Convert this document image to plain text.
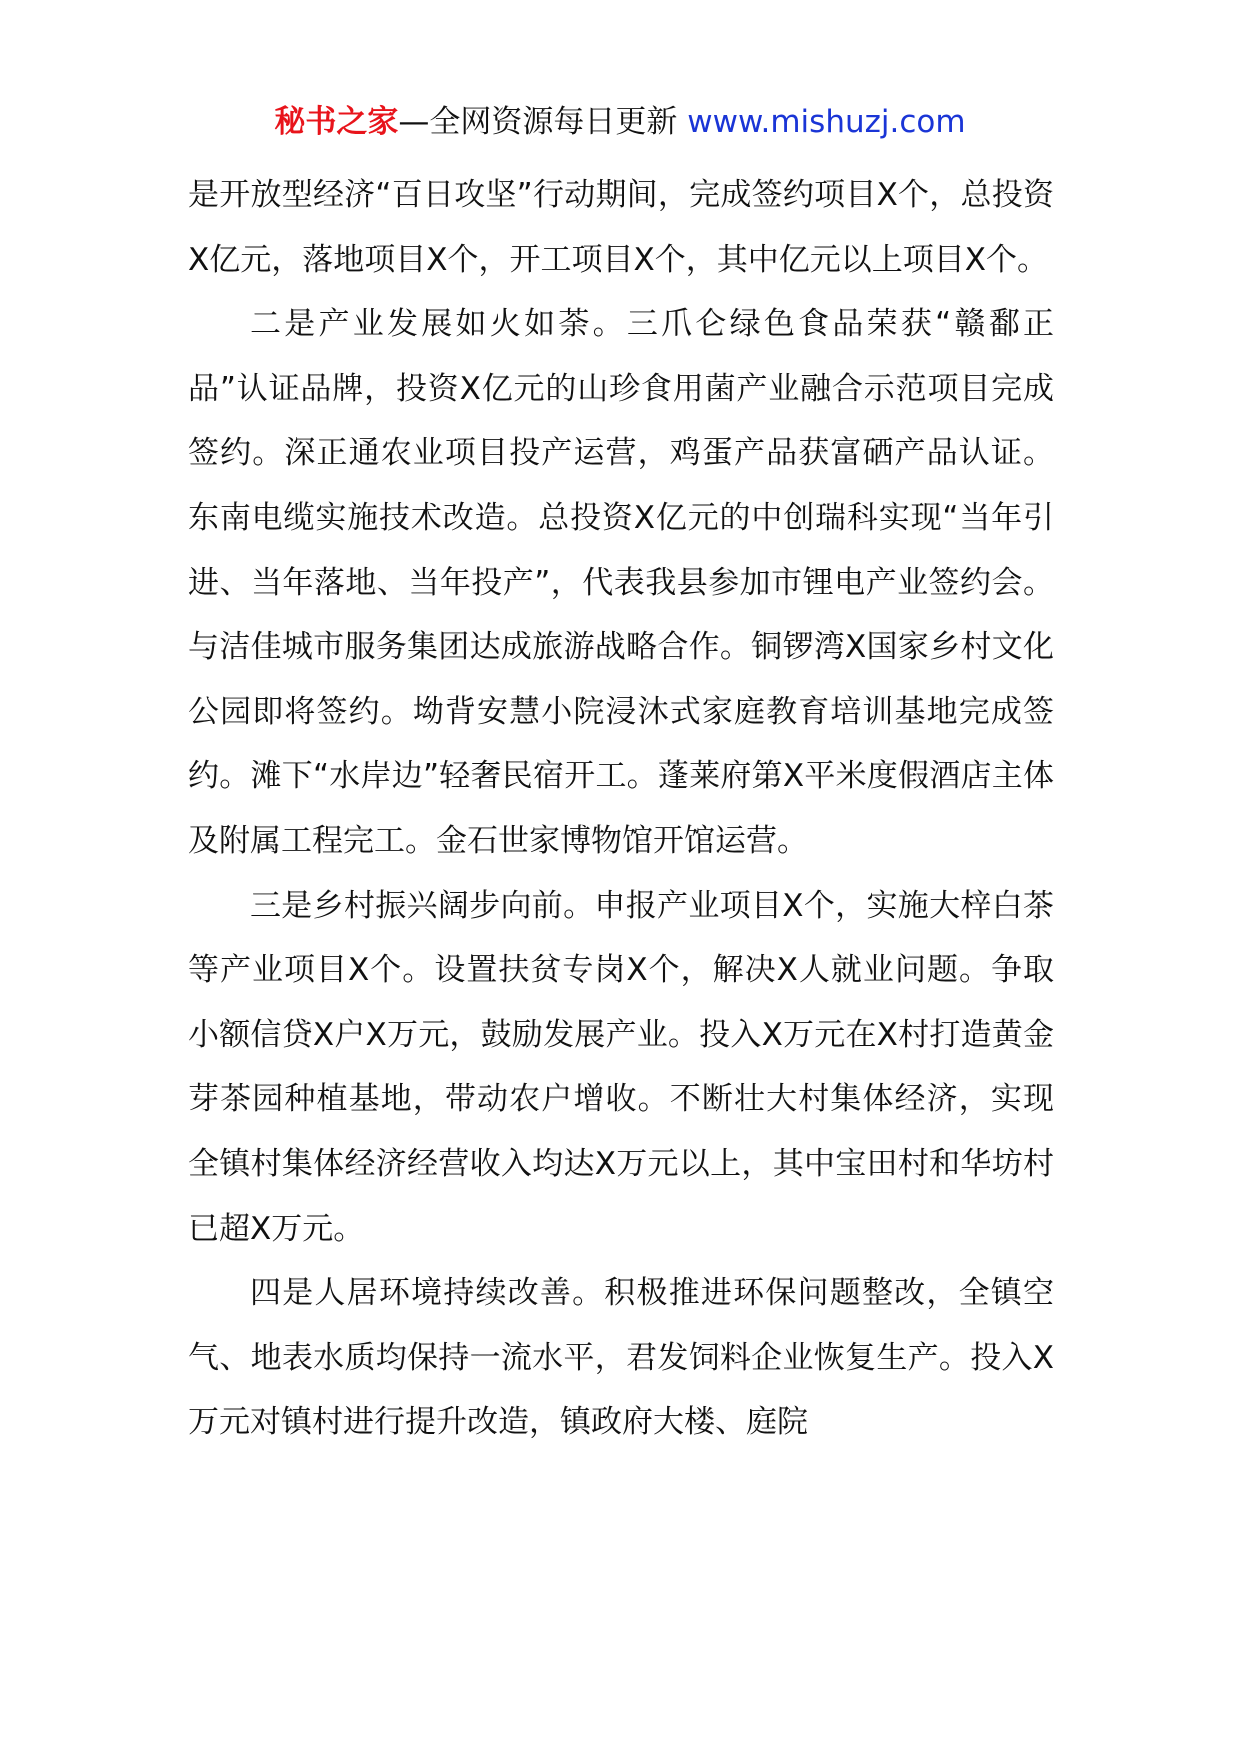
秘书之家—全网资源每日更新 www.mishuzj.com

是开放型经济“百日攻坚”行动期间，完成签约项目X个，总投资X亿元，落地项目X个，开工项目X个，其中亿元以上项目X个。

二是产业发展如火如荼。三爪仑绿色食品荣获“赣鄱正品”认证品牌，投资X亿元的山珍食用菌产业融合示范项目完成签约。深正通农业项目投产运营，鸡蛋产品获富硒产品认证。东南电缆实施技术改造。总投资X亿元的中创瑞科实现“当年引进、当年落地、当年投产”，代表我县参加市锂电产业签约会。与洁佳城市服务集团达成旅游战略合作。铜锣湾X国家乡村文化公园即将签约。坳背安慧小院浸沐式家庭教育培训基地完成签约。滩下“水岸边”轻奢民宿开工。蓬莱府第X平米度假酒店主体及附属工程完工。金石世家博物馆开馆运营。

三是乡村振兴阔步向前。申报产业项目X个，实施大梓白茶等产业项目X个。设置扶贫专岗X个，解决X人就业问题。争取小额信贷X户X万元，鼓励发展产业。投入X万元在X村打造黄金芽茶园种植基地，带动农户增收。不断壮大村集体经济，实现全镇村集体经济经营收入均达X万元以上，其中宝田村和华坊村已超X万元。

四是人居环境持续改善。积极推进环保问题整改，全镇空气、地表水质均保持一流水平，君发饲料企业恢复生产。投入X万元对镇村进行提升改造，镇政府大楼、庭院
